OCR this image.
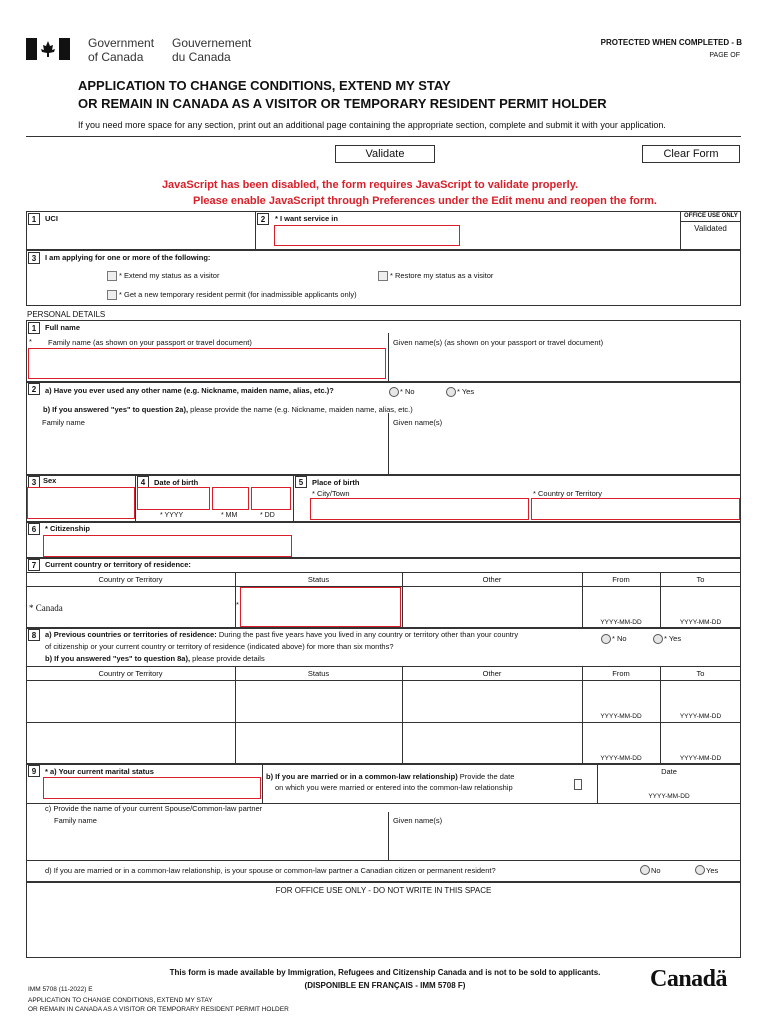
Government
of Canada
Gouvernement
du Canada
PROTECTED WHEN COMPLETED - B
PAGE OF
APPLICATION TO CHANGE CONDITIONS, EXTEND MY STAY
OR REMAIN IN CANADA AS A VISITOR OR TEMPORARY RESIDENT PERMIT HOLDER
If you need more space for any section, print out an additional page containing the appropriate section, complete and submit it with your application.
Validate	Clear Form
JavaScript has been disabled, the form requires JavaScript to validate properly.
Please enable JavaScript through Preferences under the Edit menu and reopen the form.
1	UCI	2	* I want service in	OFFICE USE ONLY
Validated
3	I am applying for one or more of the following:
* Extend my status as a visitor	* Restore my status as a visitor
* Get a new temporary resident permit (for inadmissible applicants only)
PERSONAL DETAILS
1	Full name
* Family name (as shown on your passport or travel document)	Given name(s) (as shown on your passport or travel document)
2	a) Have you ever used any other name (e.g. Nickname, maiden name, alias, etc.)?	* No	* Yes
b) If you answered "yes" to question 2a), please provide the name (e.g. Nickname, maiden name, alias, etc.)
Family name	Given name(s)
3 Sex	4	Date of birth
* YYYY	* MM	* DD
5	Place of birth
* City/Town	* Country or Territory
6	* Citizenship
7	Current country or territory of residence:
Country or Territory	Status	Other	From	To
* Canada	*
YYYY-MM-DD	YYYY-MM-DD
8	a) Previous countries or territories of residence: During the past five years have you lived in any country or territory other than your country
of citizenship or your current country or territory of residence (indicated above) for more than six months?
b) If you answered "yes" to question 8a), please provide details
* No	* Yes
Country or Territory	Status	Other	From	To
YYYY-MM-DD	YYYY-MM-DD
YYYY-MM-DD	YYYY-MM-DD
9	* a) Your current marital status
b) If you are married or in a common-law relationship) Provide the date
on which you were married or entered into the common-law relationship
Date
YYYY-MM-DD
c) Provide the name of your current Spouse/Common-law partner
Family name	Given name(s)
d) If you are married or in a common-law relationship, is your spouse or common-law partner a Canadian citizen or permanent resident?	No	Yes
FOR OFFICE USE ONLY - DO NOT WRITE IN THIS SPACE
This form is made available by Immigration, Refugees and Citizenship Canada and is not to be sold to applicants.
(DISPONIBLE EN FRANÇAIS - IMM 5708 F)
IMM 5708 (11-2022) E
APPLICATION TO CHANGE CONDITIONS, EXTEND MY STAY
OR REMAIN IN CANADA AS A VISITOR OR TEMPORARY RESIDENT PERMIT HOLDER
Canadä
